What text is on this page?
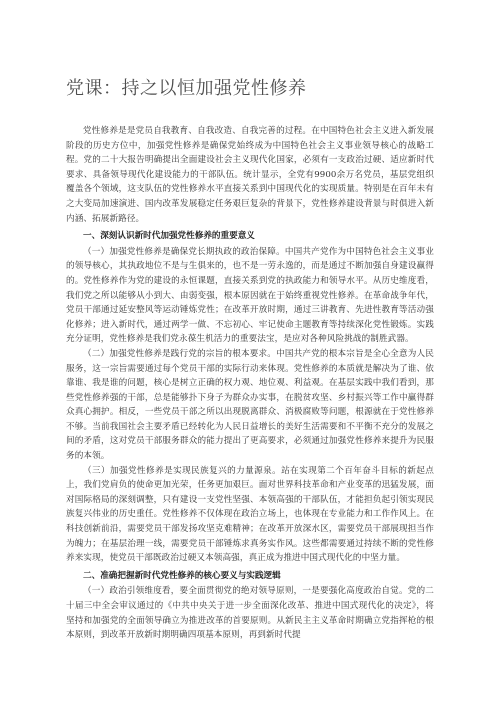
党课：持之以恒加强党性修养

党性修养是是党员自我教育、自我改造、自我完善的过程。在中国特色社会主义进入新发展阶段的历史方位中，加强党性修养是确保党始终成为中国特色社会主义事业领导核心的战略工程。党的二十大报告明确提出全面建设社会主义现代化国家，必须有一支政治过硬、适应新时代要求、具备领导现代化建设能力的干部队伍。统计显示，全党有9900余万名党员，基层党组织覆盖各个领域，这支队伍的党性修养水平直接关系到中国现代化的实现质量。特别是在百年未有之大变局加速演进、国内改革发展稳定任务艰巨复杂的背景下，党性修养建设背景与时俱进入新内涵、拓展新路径。

一、深刻认识新时代加强党性修养的重要意义

（一）加强党性修养是确保党长期执政的政治保障。中国共产党作为中国特色社会主义事业的领导核心，其执政地位不是与生俱来的，也不是一劳永逸的，而是通过不断加强自身建设赢得的。党性修养作为党的建设的永恒课题，直接关系到党的执政能力和领导水平。从历史维度看，我们党之所以能够从小到大、由弱变强，根本原因就在于始终重视党性修养。在革命战争年代，党员干部通过延安整风等运动锤炼党性；在改革开放时期，通过三讲教育、先进性教育等活动强化修养；进入新时代，通过两学一做、不忘初心、牢记使命主题教育等持续深化党性锻炼。实践充分证明，党性修养是我们党永葆生机活力的重要法宝，是应对各种风险挑战的制胜武器。

（二）加强党性修养是践行党的宗旨的根本要求。中国共产党的根本宗旨是全心全意为人民服务，这一宗旨需要通过每个党员干部的实际行动来体现。党性修养的本质就是解决为了谁、依靠谁、我是谁的问题，核心是树立正确的权力观、地位观、利益观。在基层实践中我们看到，那些党性修养强的干部，总是能够扑下身子为群众办实事，在脱贫攻坚、乡村振兴等工作中赢得群众真心拥护。相反，一些党员干部之所以出现脱离群众、消极腐败等问题，根源就在于党性修养不够。当前我国社会主要矛盾已经转化为人民日益增长的美好生活需要和不平衡不充分的发展之间的矛盾，这对党员干部服务群众的能力提出了更高要求，必须通过加强党性修养来提升为民服务的本领。

（三）加强党性修养是实现民族复兴的力量源泉。站在实现第二个百年奋斗目标的新起点上，我们党肩负的使命更加光荣，任务更加艰巨。面对世界科技革命和产业变革的迅猛发展，面对国际格局的深刻调整，只有建设一支党性坚强、本领高强的干部队伍，才能担负起引领实现民族复兴伟业的历史重任。党性修养不仅体现在政治立场上，也体现在专业能力和工作作风上。在科技创新前沿，需要党员干部发扬攻坚克难精神；在改革开放深水区，需要党员干部展现担当作为魄力；在基层治理一线，需要党员干部锤炼求真务实作风。这些都需要通过持续不断的党性修养来实现，使党员干部既政治过硬又本领高强，真正成为推进中国式现代化的中坚力量。

二、准确把握新时代党性修养的核心要义与实践逻辑

（一）政治引领维度看，要全面贯彻党的绝对领导原则，一是要强化高度政治自觉。党的二十届三中全会审议通过的《中共中央关于进一步全面深化改革、推进中国式现代化的决定》，将坚持和加强党的全面领导确立为推进改革的首要原则。从新民主主义革命时期确立党指挥枪的根本原则，到改革开放新时期明确四项基本原则，再到新时代提
